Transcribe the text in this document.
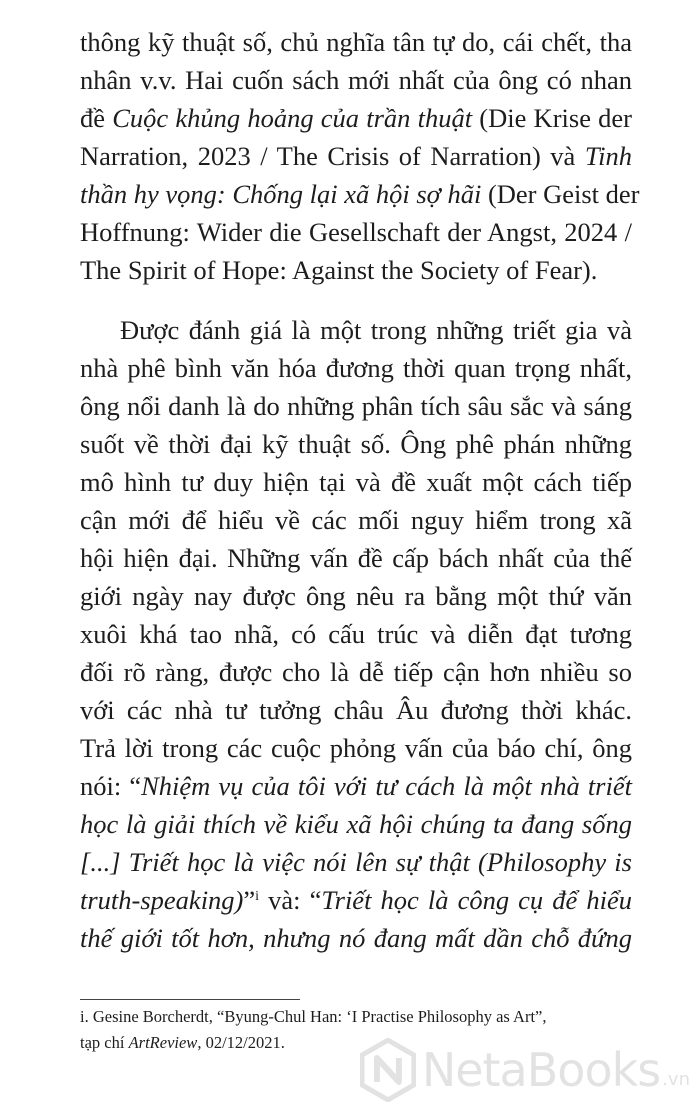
thông kỹ thuật số, chủ nghĩa tân tự do, cái chết, tha
nhân v.v. Hai cuốn sách mới nhất của ông có nhan
đề Cuộc khủng hoảng của trần thuật (Die Krise der
Narration, 2023 / The Crisis of Narration) và Tinh
thần hy vọng: Chống lại xã hội sợ hãi (Der Geist der
Hoffnung: Wider die Gesellschaft der Angst, 2024 /
The Spirit of Hope: Against the Society of Fear).
Được đánh giá là một trong những triết gia và
nhà phê bình văn hóa đương thời quan trọng nhất,
ông nổi danh là do những phân tích sâu sắc và sáng
suốt về thời đại kỹ thuật số. Ông phê phán những
mô hình tư duy hiện tại và đề xuất một cách tiếp
cận mới để hiểu về các mối nguy hiểm trong xã
hội hiện đại. Những vấn đề cấp bách nhất của thế
giới ngày nay được ông nêu ra bằng một thứ văn
xuôi khá tao nhã, có cấu trúc và diễn đạt tương
đối rõ ràng, được cho là dễ tiếp cận hơn nhiều so
với các nhà tư tưởng châu Âu đương thời khác.
Trả lời trong các cuộc phỏng vấn của báo chí, ông
nói: “Nhiệm vụ của tôi với tư cách là một nhà triết
học là giải thích về kiểu xã hội chúng ta đang sống
[...] Triết học là việc nói lên sự thật (Philosophy is
truth-speaking)”$^i$ và: “Triết học là công cụ để hiểu
thế giới tốt hơn, nhưng nó đang mất dần chỗ đứng
i. Gesine Borcherdt, “Byung-Chul Han: ‘I Practise Philosophy as Art”,
tạp chí ArtReview, 02/12/2021.
NetaBooks .vn
